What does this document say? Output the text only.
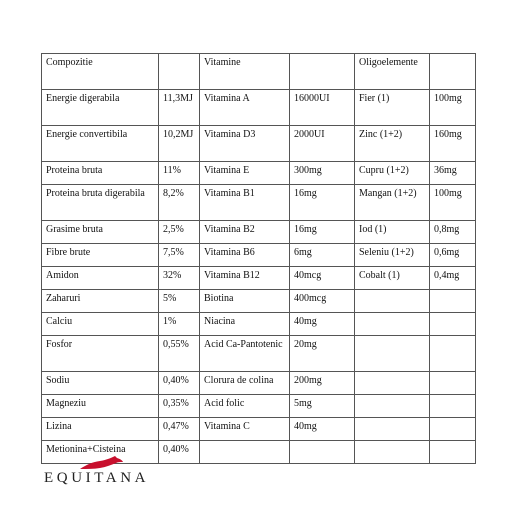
Compozitie		Vitamine		Oligoelemente	
Energie digerabila	11,3MJ	Vitamina A	16000UI	Fier (1)	100mg
Energie convertibila	10,2MJ	Vitamina D3	2000UI	Zinc (1+2)	160mg
Proteina bruta	11%	Vitamina E	300mg	Cupru (1+2)	36mg
Proteina bruta digerabila	8,2%	Vitamina B1	16mg	Mangan (1+2)	100mg
Grasime bruta	2,5%	Vitamina B2	16mg	Iod (1)	0,8mg
Fibre brute	7,5%	Vitamina B6	6mg	Seleniu (1+2)	0,6mg
Amidon	32%	Vitamina B12	40mcg	Cobalt (1)	0,4mg
Zaharuri	5%	Biotina	400mcg		
Calciu	1%	Niacina	40mg		
Fosfor	0,55%	Acid Ca-Pantotenic	20mg		
Sodiu	0,40%	Clorura de colina	200mg		
Magneziu	0,35%	Acid folic	5mg		
Lizina	0,47%	Vitamina C	40mg		
Metionina+Cisteina	0,40%				
EQUITANA
